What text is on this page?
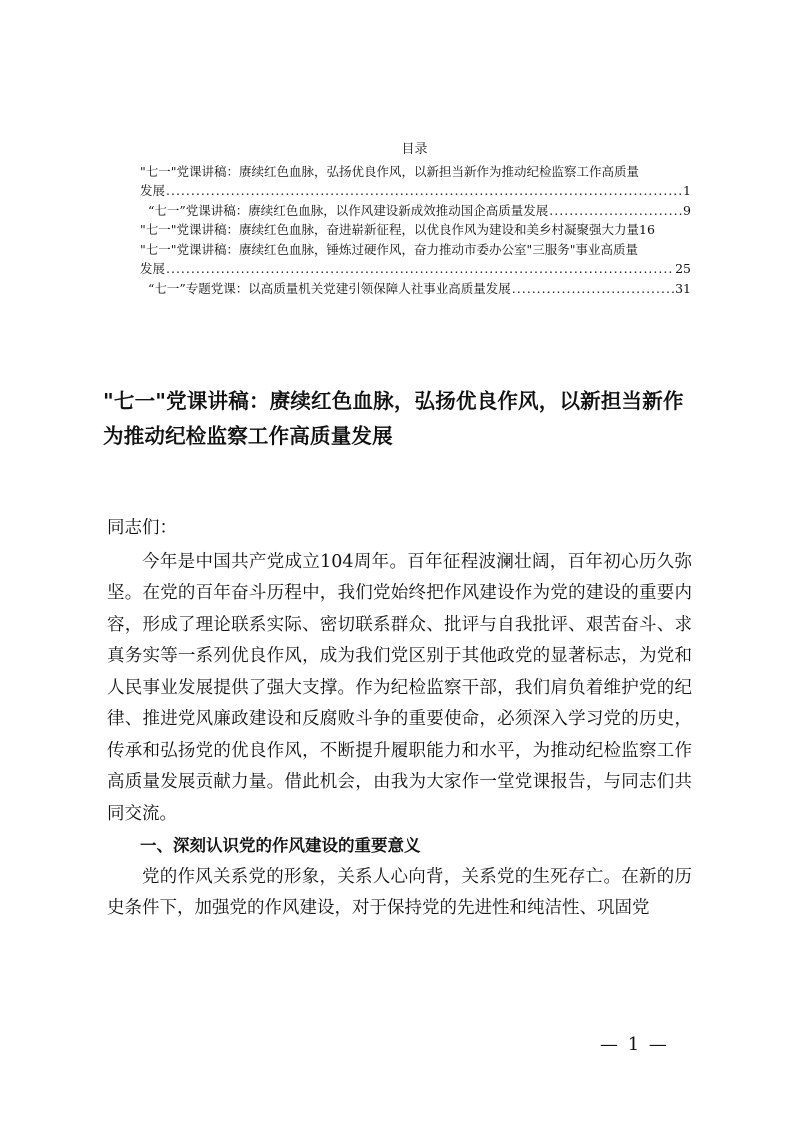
目录
"七一"党课讲稿：赓续红色血脉，弘扬优良作风，以新担当新作为推动纪检监察工作高质量
发展 .....	1
“七一”党课讲稿：赓续红色血脉，以作风建设新成效推动国企高质量发展 .....	9
"七一"党课讲稿：赓续红色血脉，奋进崭新征程，以优良作风为建设和美乡村凝聚强大力量 16
"七一"党课讲稿：赓续红色血脉，锤炼过硬作风，奋力推动市委办公室"三服务"事业高质量
发展 .....	25
“七一”专题党课：以高质量机关党建引领保障人社事业高质量发展 .....	31
"七一"党课讲稿：赓续红色血脉，弘扬优良作风，以新担当新作为推动纪检监察工作高质量发展

同志们：

今年是中国共产党成立104周年。百年征程波澜壮阔，百年初心历久弥坚。在党的百年奋斗历程中，我们党始终把作风建设作为党的建设的重要内容，形成了理论联系实际、密切联系群众、批评与自我批评、艰苦奋斗、求真务实等一系列优良作风，成为我们党区别于其他政党的显著标志，为党和人民事业发展提供了强大支撑。作为纪检监察干部，我们肩负着维护党的纪律、推进党风廉政建设和反腐败斗争的重要使命，必须深入学习党的历史，传承和弘扬党的优良作风，不断提升履职能力和水平，为推动纪检监察工作高质量发展贡献力量。借此机会，由我为大家作一堂党课报告，与同志们共同交流。

一、深刻认识党的作风建设的重要意义

党的作风关系党的形象，关系人心向背，关系党的生死存亡。在新的历史条件下，加强党的作风建设，对于保持党的先进性和纯洁性、巩固党

— 1 —
